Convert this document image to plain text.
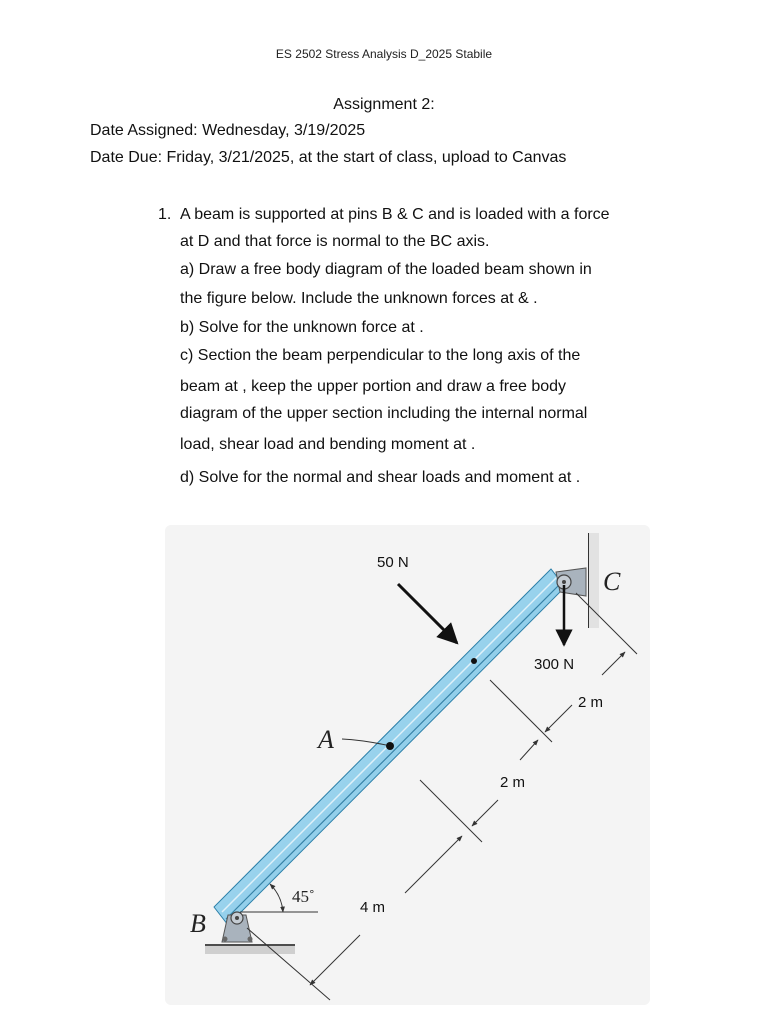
ES 2502 Stress Analysis D_2025 Stabile
Assignment 2:
Date Assigned: Wednesday, 3/19/2025
Date Due: Friday, 3/21/2025, at the start of class, upload to Canvas
1. A beam is supported at pins B & C and is loaded with a force
at D and that force is normal to the BC axis.
a) Draw a free body diagram of the loaded beam shown in
the figure below. Include the unknown forces at & .
b) Solve for the unknown force at .
c) Section the beam perpendicular to the long axis of the
beam at , keep the upper portion and draw a free body
diagram of the upper section including the internal normal
load, shear load and bending moment at .
d) Solve for the normal and shear loads and moment at .
300 N
50 N
A
B
C
45˚
2 m
2 m
4 m
